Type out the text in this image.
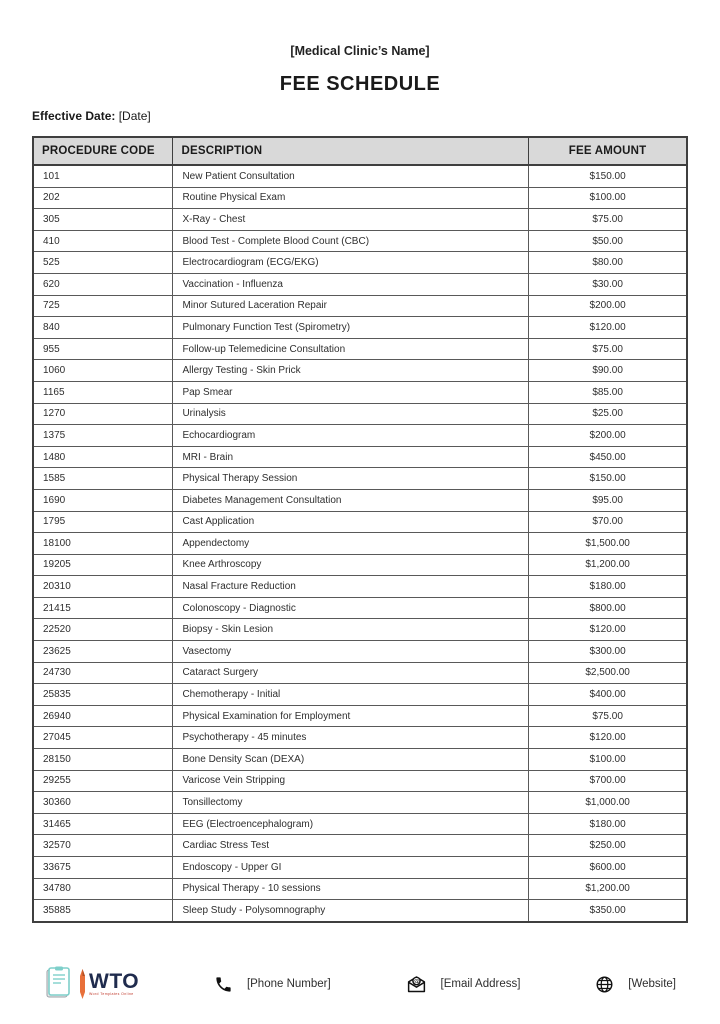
[Medical Clinic’s Name]
FEE SCHEDULE
Effective Date: [Date]
PROCEDURE CODE	DESCRIPTION	FEE AMOUNT
101	New Patient Consultation	$150.00
202	Routine Physical Exam	$100.00
305	X-Ray - Chest	$75.00
410	Blood Test - Complete Blood Count (CBC)	$50.00
525	Electrocardiogram (ECG/EKG)	$80.00
620	Vaccination - Influenza	$30.00
725	Minor Sutured Laceration Repair	$200.00
840	Pulmonary Function Test (Spirometry)	$120.00
955	Follow-up Telemedicine Consultation	$75.00
1060	Allergy Testing - Skin Prick	$90.00
1165	Pap Smear	$85.00
1270	Urinalysis	$25.00
1375	Echocardiogram	$200.00
1480	MRI - Brain	$450.00
1585	Physical Therapy Session	$150.00
1690	Diabetes Management Consultation	$95.00
1795	Cast Application	$70.00
18100	Appendectomy	$1,500.00
19205	Knee Arthroscopy	$1,200.00
20310	Nasal Fracture Reduction	$180.00
21415	Colonoscopy - Diagnostic	$800.00
22520	Biopsy - Skin Lesion	$120.00
23625	Vasectomy	$300.00
24730	Cataract Surgery	$2,500.00
25835	Chemotherapy - Initial	$400.00
26940	Physical Examination for Employment	$75.00
27045	Psychotherapy - 45 minutes	$120.00
28150	Bone Density Scan (DEXA)	$100.00
29255	Varicose Vein Stripping	$700.00
30360	Tonsillectomy	$1,000.00
31465	EEG (Electroencephalogram)	$180.00
32570	Cardiac Stress Test	$250.00
33675	Endoscopy - Upper GI	$600.00
34780	Physical Therapy - 10 sessions	$1,200.00
35885	Sleep Study - Polysomnography	$350.00
WTO
Word Templates Online
[Phone Number]	@ [Email Address]	[Website]
